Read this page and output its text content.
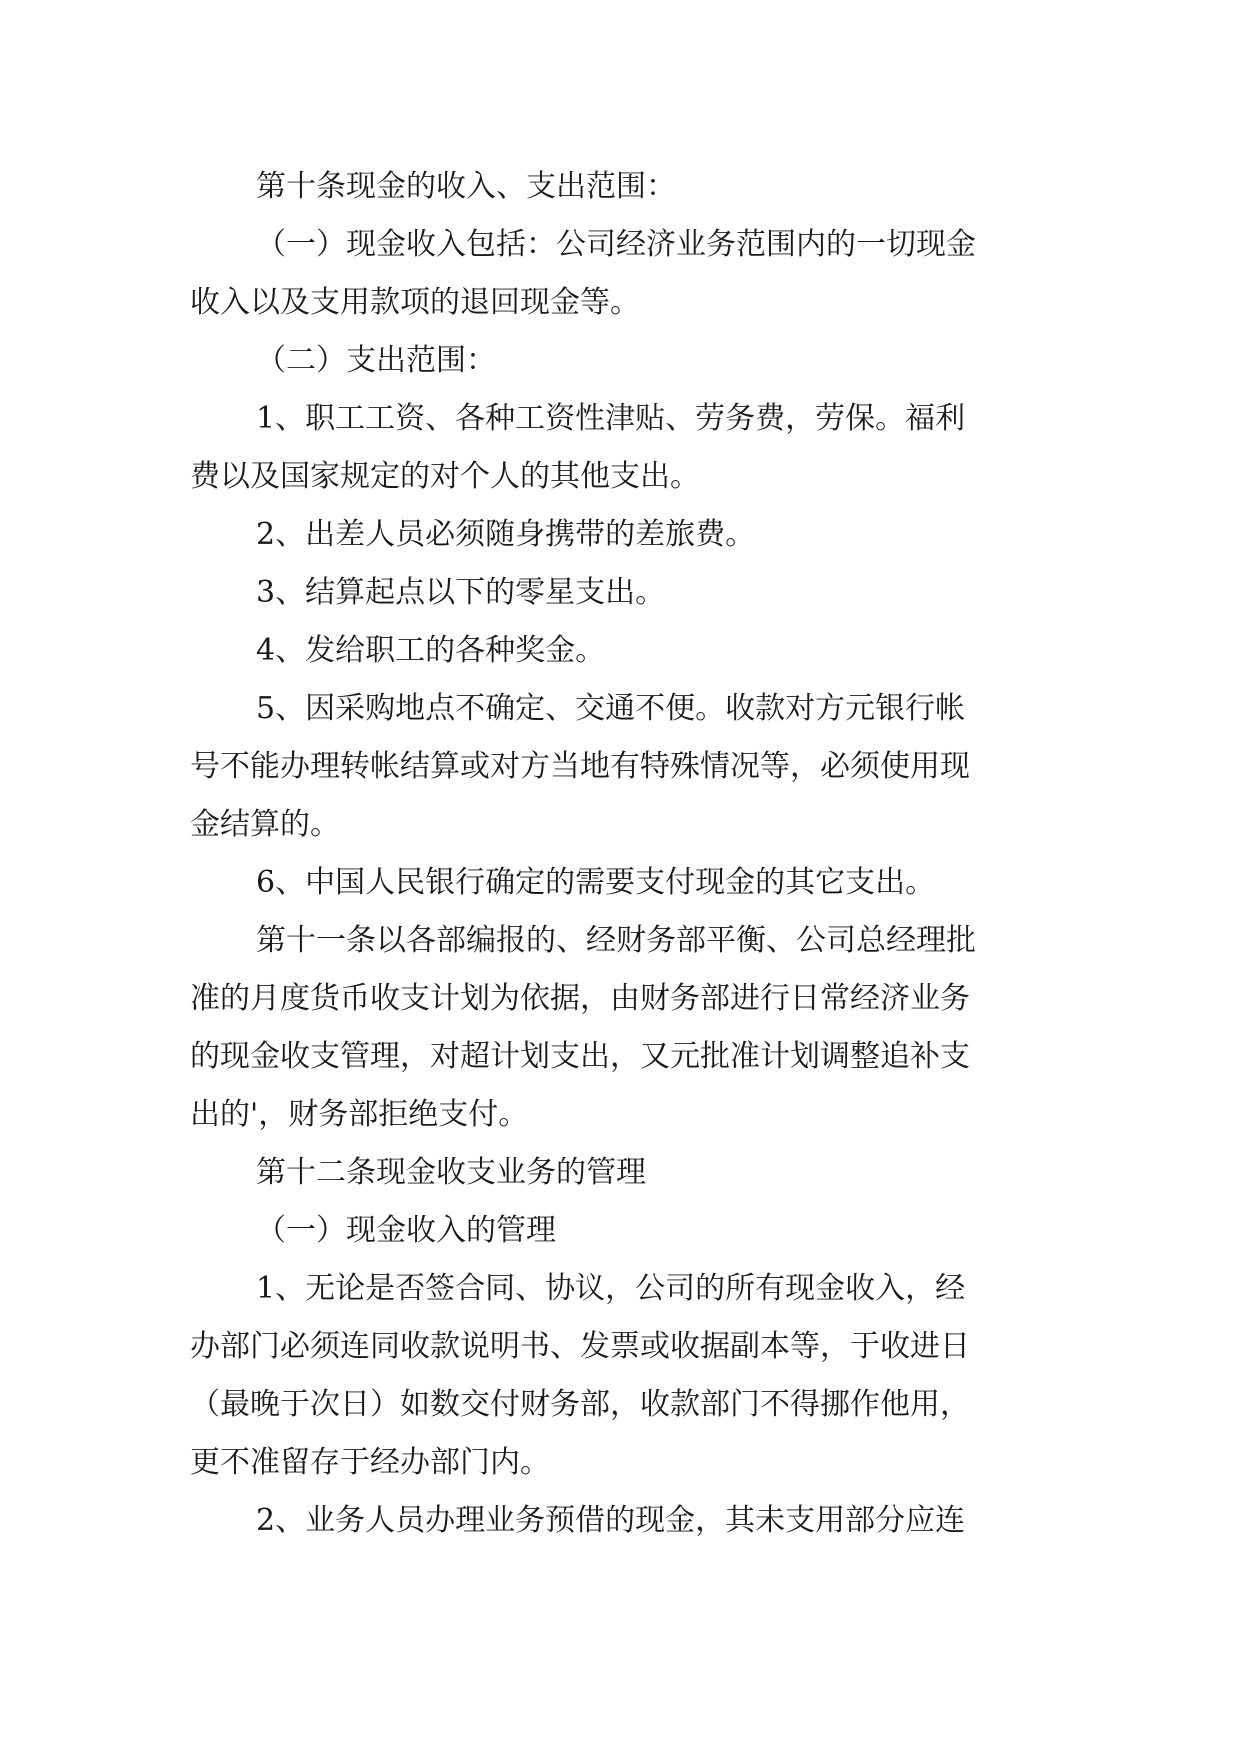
第十条现金的收入、支出范围：
（一）现金收入包括：公司经济业务范围内的一切现金
收入以及支用款项的退回现金等。
（二）支出范围：
1、职工工资、各种工资性津贴、劳务费，劳保。福利
费以及国家规定的对个人的其他支出。
2、出差人员必须随身携带的差旅费。
3、结算起点以下的零星支出。
4、发给职工的各种奖金。
5、因采购地点不确定、交通不便。收款对方元银行帐
号不能办理转帐结算或对方当地有特殊情况等，必须使用现
金结算的。
6、中国人民银行确定的需要支付现金的其它支出。
第十一条以各部编报的、经财务部平衡、公司总经理批
准的月度货币收支计划为依据，由财务部进行日常经济业务
的现金收支管理，对超计划支出，又元批准计划调整追补支
出的'，财务部拒绝支付。
第十二条现金收支业务的管理
（一）现金收入的管理
1、无论是否签合同、协议，公司的所有现金收入，经
办部门必须连同收款说明书、发票或收据副本等，于收进日
（最晚于次日）如数交付财务部，收款部门不得挪作他用，
更不准留存于经办部门内。
2、业务人员办理业务预借的现金，其未支用部分应连
